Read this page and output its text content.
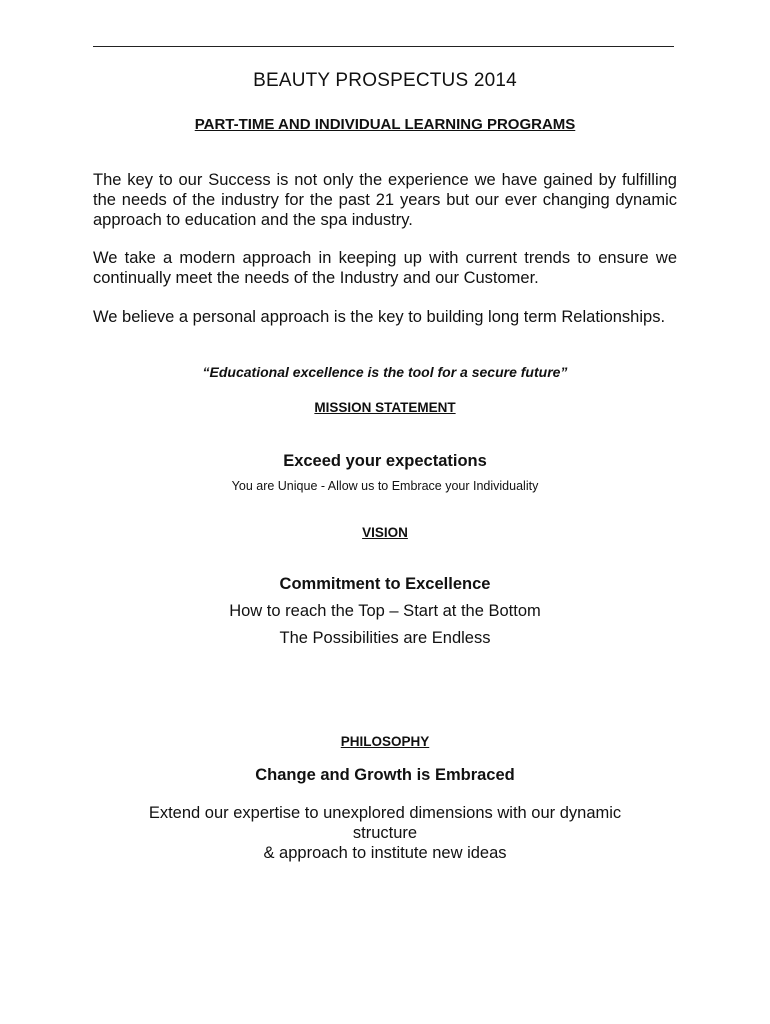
BEAUTY PROSPECTUS 2014
PART-TIME AND INDIVIDUAL LEARNING PROGRAMS
The key to our Success is not only the experience we have gained by fulfilling the needs of the industry for the past 21 years but our ever changing dynamic approach to education and the spa industry.
We take a modern approach in keeping up with current trends to ensure we continually meet the needs of the Industry and our Customer.
We believe a personal approach is the key to building long term Relationships.
“Educational excellence is the tool for a secure future”
MISSION STATEMENT
Exceed your expectations
You are Unique - Allow us to Embrace your Individuality
VISION
Commitment to Excellence
How to reach the Top – Start at the Bottom
The Possibilities are Endless
PHILOSOPHY
Change and Growth is Embraced
Extend our expertise to unexplored dimensions with our dynamic
structure
& approach to institute new ideas
